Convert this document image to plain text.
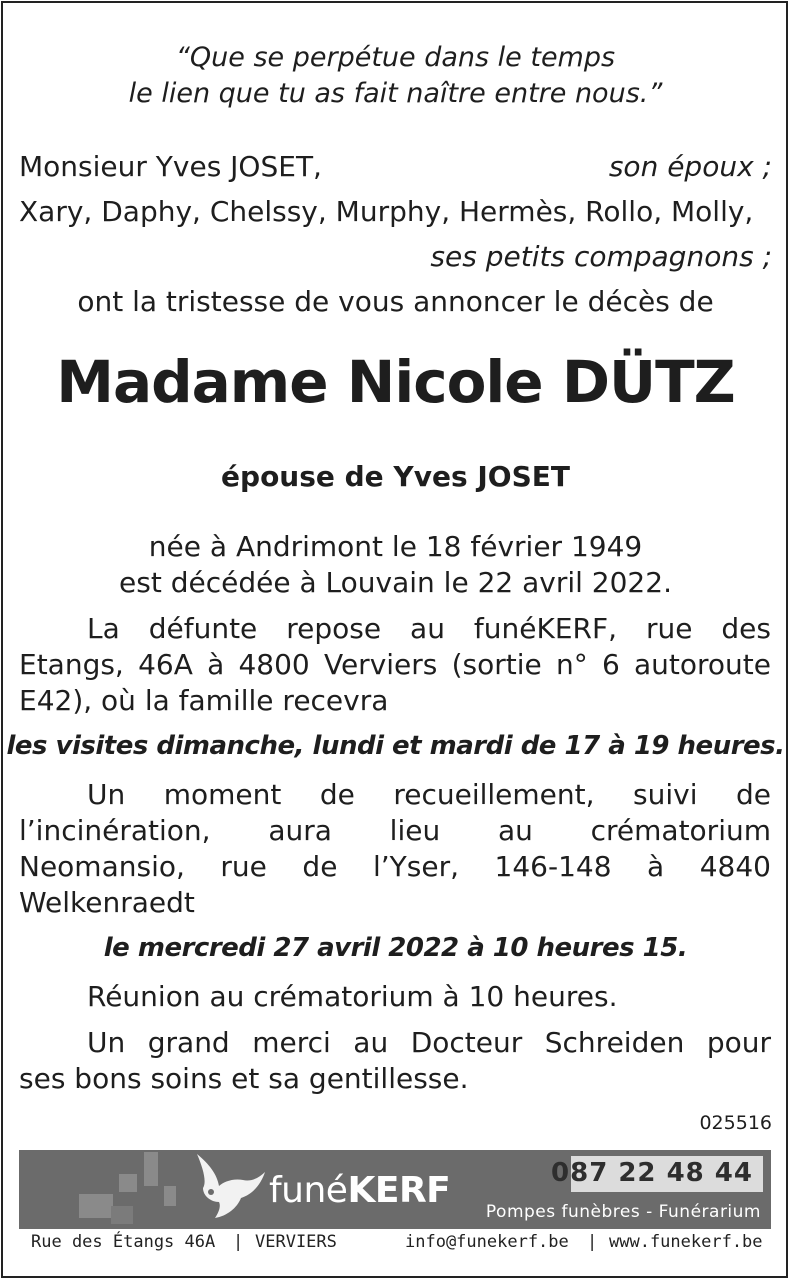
“Que se perpétue dans le temps
le lien que tu as fait naître entre nous.”
Monsieur Yves JOSET,	son époux ;
Xary, Daphy, Chelssy, Murphy, Hermès, Rollo, Molly,
ses petits compagnons ;
ont la tristesse de vous annoncer le décès de
Madame Nicole DÜTZ
épouse de Yves JOSET
née à Andrimont le 18 février 1949
est décédée à Louvain le 22 avril 2022.
La défunte repose au funéKERF, rue des
Etangs, 46A à 4800 Verviers (sortie n° 6 autoroute
E42), où la famille recevra
les visites dimanche, lundi et mardi de 17 à 19 heures.
Un moment de recueillement, suivi de
l’incinération, aura lieu au crématorium
Neomansio, rue de l’Yser, 146-148 à 4840
Welkenraedt
le mercredi 27 avril 2022 à 10 heures 15.
Réunion au crématorium à 10 heures.
Un grand merci au Docteur Schreiden pour
ses bons soins et sa gentillesse.
025516
funéKERF	087 22 48 44
Pompes funèbres - Funérarium
Rue des Étangs 46A | VERVIERS	info@funekerf.be | www.funekerf.be
